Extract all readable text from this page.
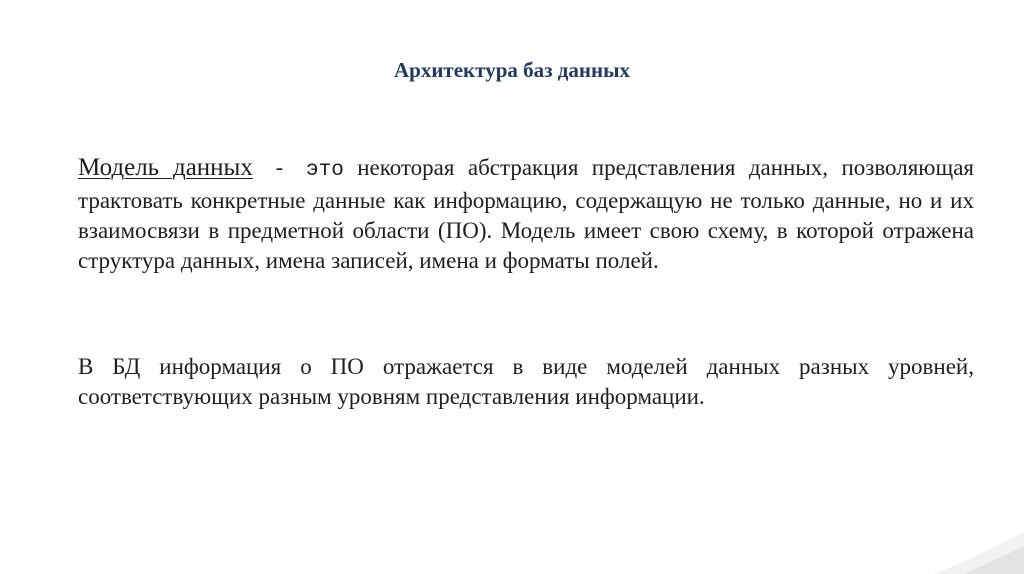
Архитектура баз данных

Модель данных - это некоторая абстракция представления данных, позволяющая трактовать конкретные данные как информацию, содержащую не только данные, но и их взаимосвязи в предметной области (ПО). Модель имеет свою схему, в которой отражена структура данных, имена записей, имена и форматы полей.

В БД информация о ПО отражается в виде моделей данных разных уровней, соответствующих разным уровням представления информации.
